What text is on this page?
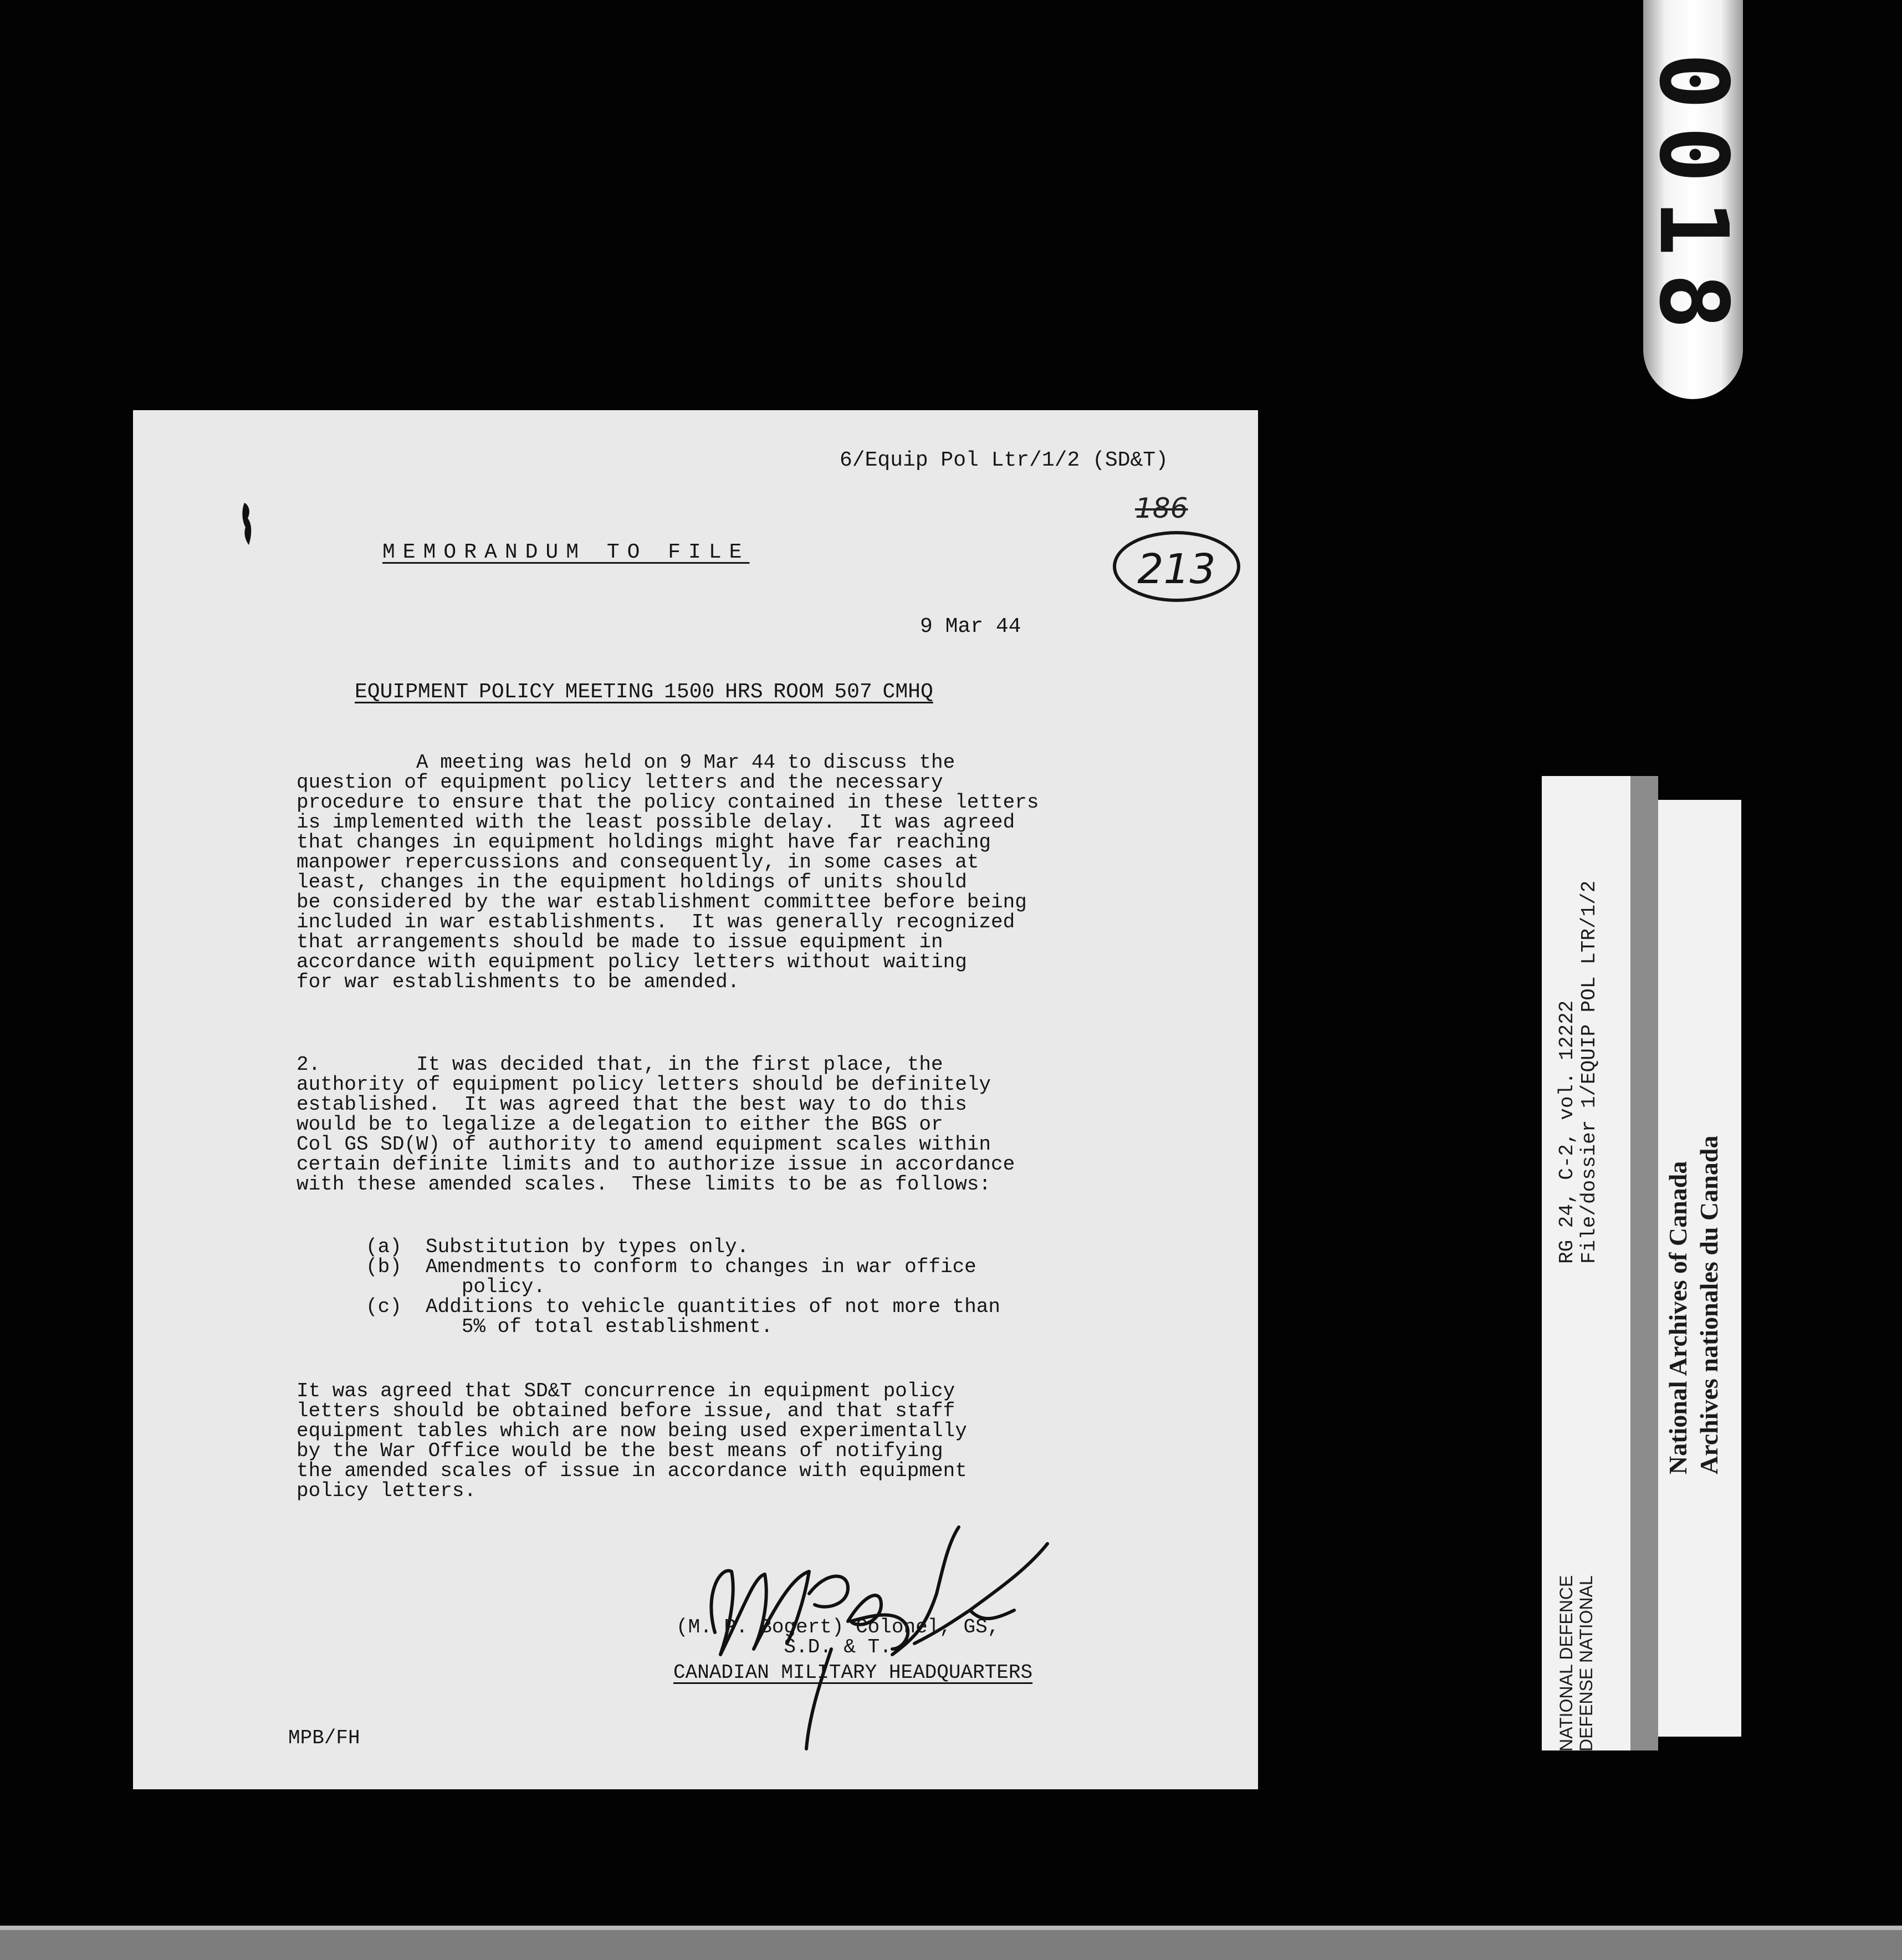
0018
6/Equip Pol Ltr/1/2 (SD&T)
186
213
MEMORANDUM TO FILE
9 Mar 44
EQUIPMENT POLICY MEETING 1500 HRS ROOM 507 CMHQ
A meeting was held on 9 Mar 44 to discuss the
question of equipment policy letters and the necessary
procedure to ensure that the policy contained in these letters
is implemented with the least possible delay.  It was agreed
that changes in equipment holdings might have far reaching
manpower repercussions and consequently, in some cases at
least, changes in the equipment holdings of units should
be considered by the war establishment committee before being
included in war establishments.  It was generally recognized
that arrangements should be made to issue equipment in
accordance with equipment policy letters without waiting
for war establishments to be amended.
2.        It was decided that, in the first place, the
authority of equipment policy letters should be definitely
established.  It was agreed that the best way to do this
would be to legalize a delegation to either the BGS or
Col GS SD(W) of authority to amend equipment scales within
certain definite limits and to authorize issue in accordance
with these amended scales.  These limits to be as follows:
(a)  Substitution by types only.
(b)  Amendments to conform to changes in war office
policy.
(c)  Additions to vehicle quantities of not more than
5% of total establishment.
It was agreed that SD&T concurrence in equipment policy
letters should be obtained before issue, and that staff
equipment tables which are now being used experimentally
by the War Office would be the best means of notifying
the amended scales of issue in accordance with equipment
policy letters.
(M. P. Bogert) Colonel, GS,
S.D. & T.
CANADIAN MILITARY HEADQUARTERS
MPB/FH
RG 24, C-2, vol. 12222
File/dossier 1/EQUIP POL LTR/1/2
NATIONAL DEFENCE
DEFENSE NATIONAL
National Archives of Canada
Archives nationales du Canada
